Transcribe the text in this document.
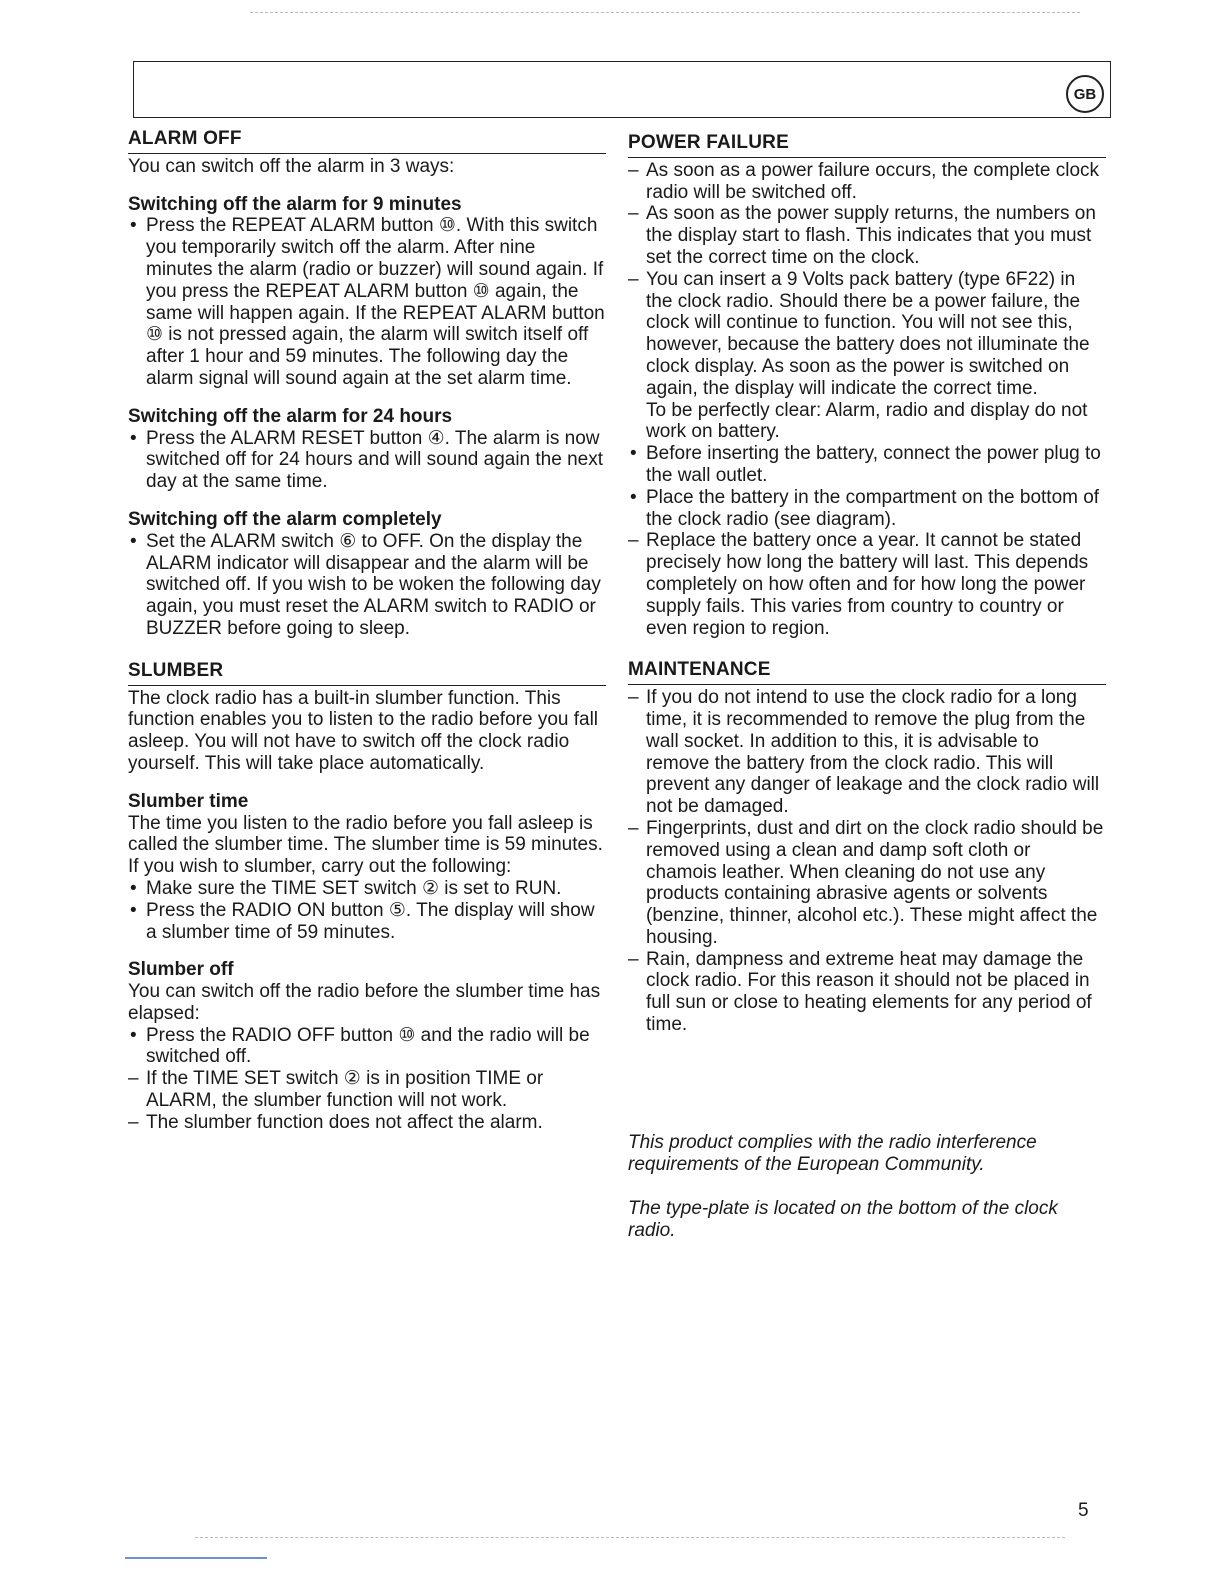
GB
ALARM OFF

You can switch off the alarm in 3 ways:

Switching off the alarm for 9 minutes

• Press the REPEAT ALARM button ⑩. With this switch you temporarily switch off the alarm. After nine minutes the alarm (radio or buzzer) will sound again. If you press the REPEAT ALARM button ⑩ again, the same will happen again. If the REPEAT ALARM button ⑩ is not pressed again, the alarm will switch itself off after 1 hour and 59 minutes. The following day the alarm signal will sound again at the set alarm time.

Switching off the alarm for 24 hours

• Press the ALARM RESET button ④. The alarm is now switched off for 24 hours and will sound again the next day at the same time.

Switching off the alarm completely

• Set the ALARM switch ⑥ to OFF. On the display the ALARM indicator will disappear and the alarm will be switched off. If you wish to be woken the following day again, you must reset the ALARM switch to RADIO or BUZZER before going to sleep.

SLUMBER

The clock radio has a built-in slumber function. This function enables you to listen to the radio before you fall asleep. You will not have to switch off the clock radio yourself. This will take place automatically.

Slumber time

The time you listen to the radio before you fall asleep is called the slumber time. The slumber time is 59 minutes.

If you wish to slumber, carry out the following:

• Make sure the TIME SET switch ② is set to RUN.

• Press the RADIO ON button ⑤. The display will show a slumber time of 59 minutes.

Slumber off

You can switch off the radio before the slumber time has elapsed:

• Press the RADIO OFF button ⑩ and the radio will be switched off.

– If the TIME SET switch ② is in position TIME or ALARM, the slumber function will not work.

– The slumber function does not affect the alarm.

POWER FAILURE

– As soon as a power failure occurs, the complete clock radio will be switched off.

– As soon as the power supply returns, the numbers on the display start to flash. This indicates that you must set the correct time on the clock.

– You can insert a 9 Volts pack battery (type 6F22) in the clock radio. Should there be a power failure, the clock will continue to function. You will not see this, however, because the battery does not illuminate the clock display. As soon as the power is switched on again, the display will indicate the correct time.

To be perfectly clear: Alarm, radio and display do not work on battery.

• Before inserting the battery, connect the power plug to the wall outlet.

• Place the battery in the compartment on the bottom of the clock radio (see diagram).

– Replace the battery once a year. It cannot be stated precisely how long the battery will last. This depends completely on how often and for how long the power supply fails. This varies from country to country or even region to region.

MAINTENANCE

– If you do not intend to use the clock radio for a long time, it is recommended to remove the plug from the wall socket. In addition to this, it is advisable to remove the battery from the clock radio. This will prevent any danger of leakage and the clock radio will not be damaged.

– Fingerprints, dust and dirt on the clock radio should be removed using a clean and damp soft cloth or chamois leather. When cleaning do not use any products containing abrasive agents or solvents (benzine, thinner, alcohol etc.). These might affect the housing.

– Rain, dampness and extreme heat may damage the clock radio. For this reason it should not be placed in full sun or close to heating elements for any period of time.

This product complies with the radio interference requirements of the European Community.

The type-plate is located on the bottom of the clock radio.

5
